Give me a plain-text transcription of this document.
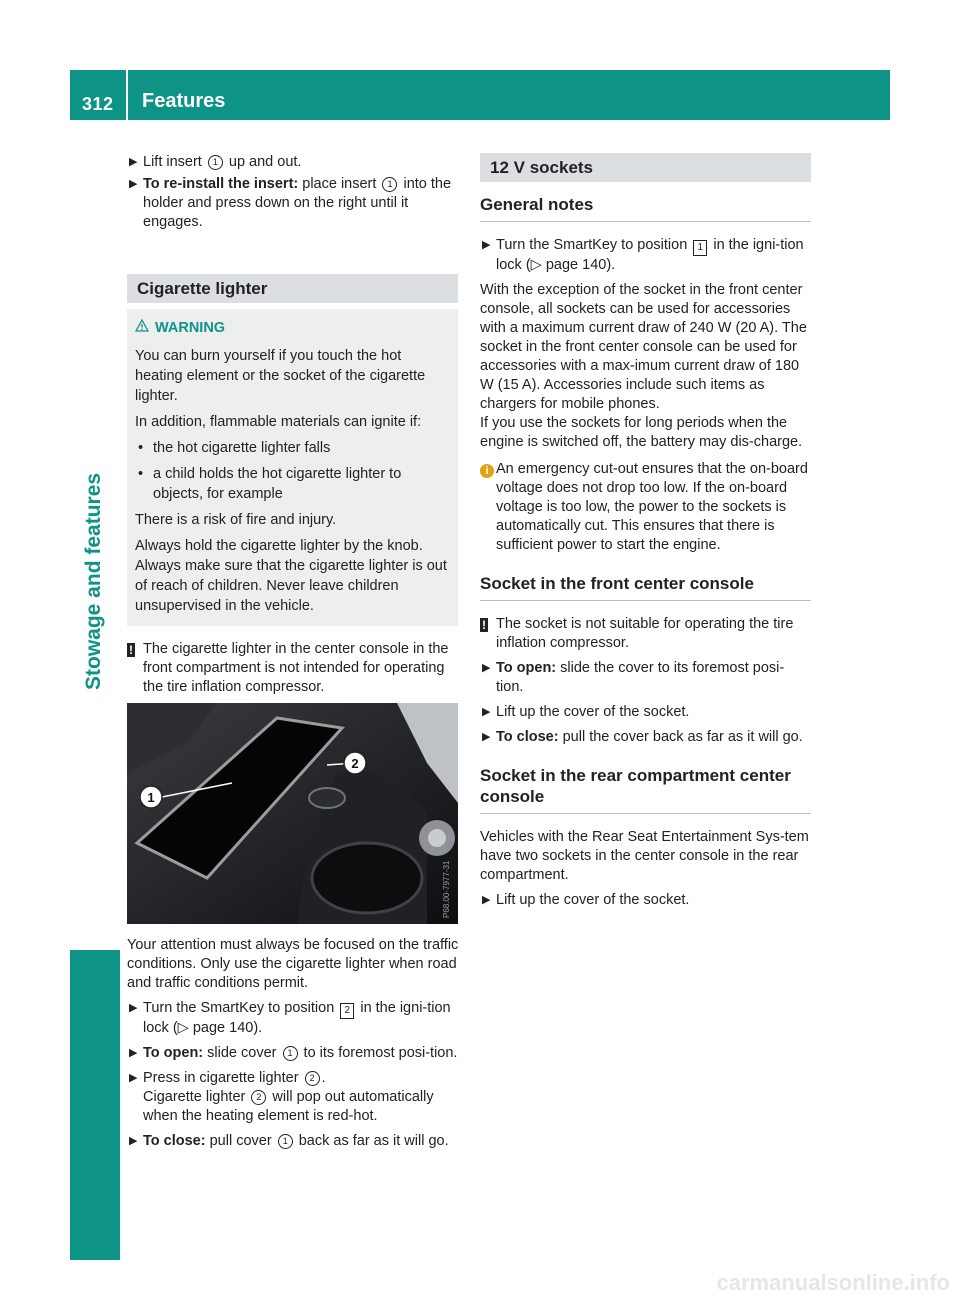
312 Features
Stowage and features

▶
Lift insert 1 up and out.

▶
To re-install the insert: place insert 1 into the holder and press down on the right until it engages.

Cigarette lighter
WARNING

You can burn yourself if you touch the hot heating element or the socket of the cigarette lighter.

In addition, flammable materials can ignite if:

• the hot cigarette lighter falls
• a child holds the hot cigarette lighter to objects, for example

There is a risk of fire and injury.

Always hold the cigarette lighter by the knob. Always make sure that the cigarette lighter is out of reach of children. Never leave children unsupervised in the vehicle.

! The cigarette lighter in the center console in the front compartment is not intended for operating the tire inflation compressor.

1
2
P68.00-7977-31

Your attention must always be focused on the traffic conditions. Only use the cigarette lighter when road and traffic conditions permit.

▶
Turn the SmartKey to position 2 in the igni-tion lock (▷ page 140).

▶
To open: slide cover 1 to its foremost posi-tion.

▶
Press in cigarette lighter 2 .
Cigarette lighter 2 will pop out automatically when the heating element is red-hot.

▶
To close: pull cover 1 back as far as it will go.

12 V sockets
General notes

▶
Turn the SmartKey to position 1 in the igni-tion lock (▷ page 140).

With the exception of the socket in the front center console, all sockets can be used for accessories with a maximum current draw of 240 W (20 A). The socket in the front center console can be used for accessories with a max-imum current draw of 180 W (15 A). Accessories include such items as chargers for mobile phones.

If you use the sockets for long periods when the engine is switched off, the battery may dis-charge.

i An emergency cut-out ensures that the on-board voltage does not drop too low. If the on-board voltage is too low, the power to the sockets is automatically cut. This ensures that there is sufficient power to start the engine.

Socket in the front center console

! The socket is not suitable for operating the tire inflation compressor.

▶
To open: slide the cover to its foremost posi-tion.

▶
Lift up the cover of the socket.

▶
To close: pull the cover back as far as it will go.

Socket in the rear compartment center console

Vehicles with the Rear Seat Entertainment Sys-tem have two sockets in the center console in the rear compartment.

▶
Lift up the cover of the socket.

carmanualsonline.info
